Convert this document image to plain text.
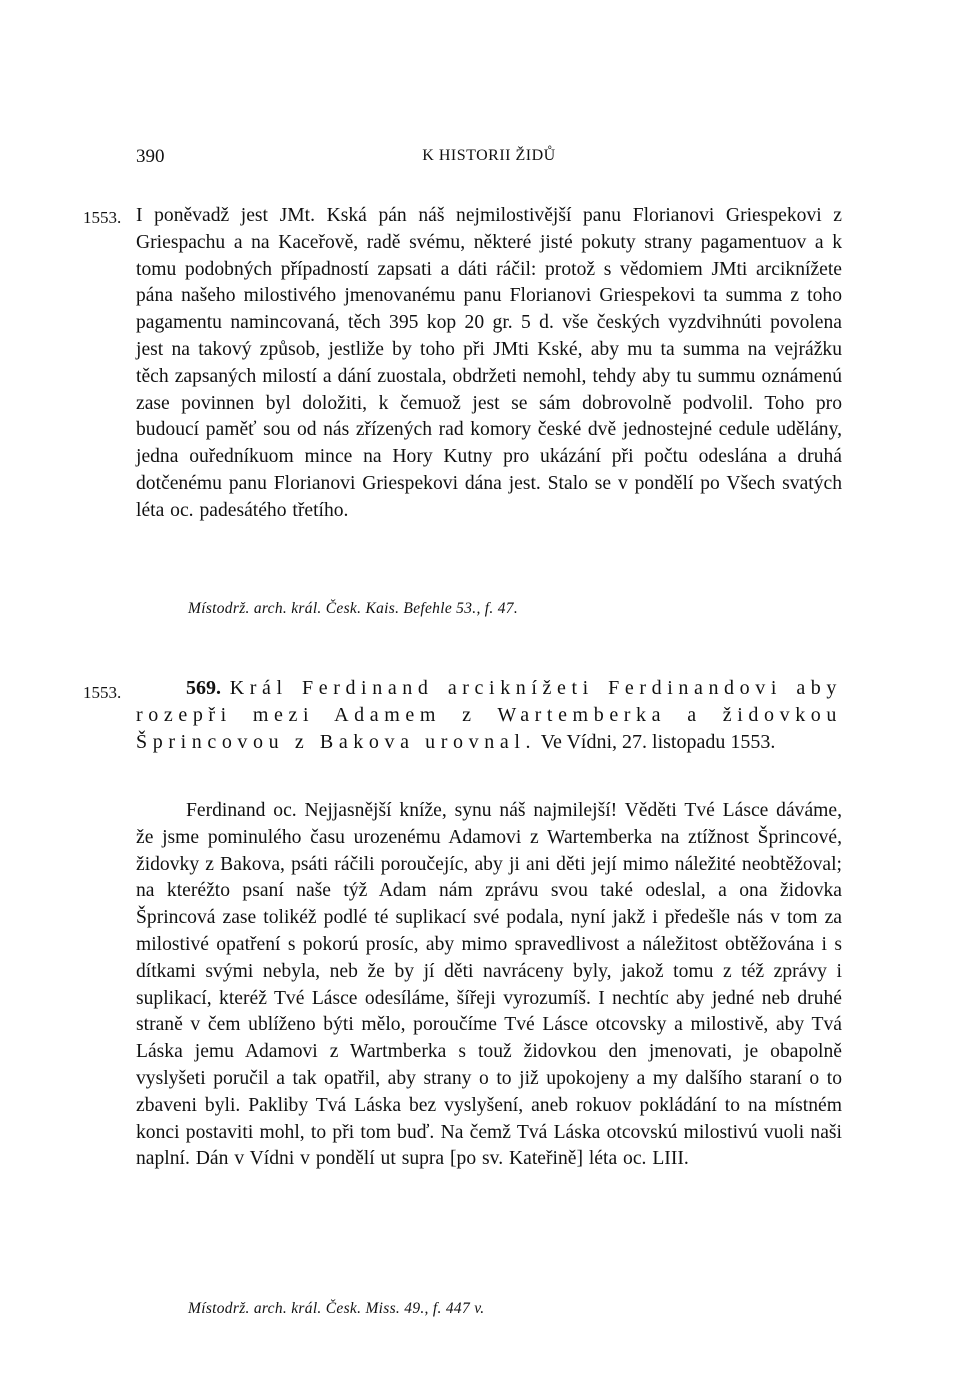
390	K HISTORII ŽIDŮ
1553. I poněvadž jest JMt. Kská pán náš nejmilostivější panu Florianovi Griespekovi z Griespachu a na Kaceřově, radě svému, některé jisté pokuty strany pagamentuov a k tomu podobných případností zapsati a dáti ráčil: protož s vědomiem JMti arciknížete pána našeho milostivého jmenovanému panu Florianovi Griespekovi ta summa z toho pagamentu namincovaná, těch 395 kop 20 gr. 5 d. vše českých vyzdvihnúti povolena jest na takový způsob, jestliže by toho při JMti Kské, aby mu ta summa na vejrážku těch zapsaných milostí a dání zuostala, obdržeti nemohl, tehdy aby tu summu oznámenú zase povinnen byl doložiti, k čemuož jest se sám dobrovolně podvolil. Toho pro budoucí paměť sou od nás zřízených rad komory české dvě jednostejné cedule udělány, jedna ouředníkuom mince na Hory Kutny pro ukázání při počtu odeslána a druhá dotčenému panu Florianovi Griespekovi dána jest. Stalo se v pondělí po Všech svatých léta oc. padesátého třetího.

Místodrž. arch. král. Česk. Kais. Befehle 53., f. 47.
1553.	569. Král Ferdinand arciknížeti Ferdinandovi aby rozepři mezi Adamem z Wartemberka a židovkou Šprincovou z Bakova urovnal. Ve Vídni, 27. listopadu 1553.

Ferdinand oc. Nejjasnější kníže, synu náš najmilejší! Věděti Tvé Lásce dáváme, že jsme pominulého času urozenému Adamovi z Wartemberka na ztížnost Šprincové, židovky z Bakova, psáti ráčili poroučejíc, aby ji ani děti její mimo náležité neobtěžoval; na kteréžto psaní naše týž Adam nám zprávu svou také odeslal, a ona židovka Šprincová zase tolikéž podlé té suplikací své podala, nyní jakž i předešle nás v tom za milostivé opatření s pokorú prosíc, aby mimo spravedlivost a náležitost obtěžována i s dítkami svými nebyla, neb že by jí děti navráceny byly, jakož tomu z též zprávy i suplikací, kteréž Tvé Lásce odesíláme, šířeji vyrozumíš. I nechtíc aby jedné neb druhé straně v čem ublíženo býti mělo, poroučíme Tvé Lásce otcovsky a milostivě, aby Tvá Láska jemu Adamovi z Wartmberka s touž židovkou den jmenovati, je obapolně vyslyšeti poručil a tak opatřil, aby strany o to již upokojeny a my dalšího staraní o to zbaveni byli. Pakliby Tvá Láska bez vyslyšení, aneb rokuov pokládání to na místném konci postaviti mohl, to při tom buď. Na čemž Tvá Láska otcovskú milostivú vuoli naši naplní. Dán v Vídni v pondělí ut supra [po sv. Kateřině] léta oc. LIII.

Místodrž. arch. král. Česk. Miss. 49., f. 447 v.
